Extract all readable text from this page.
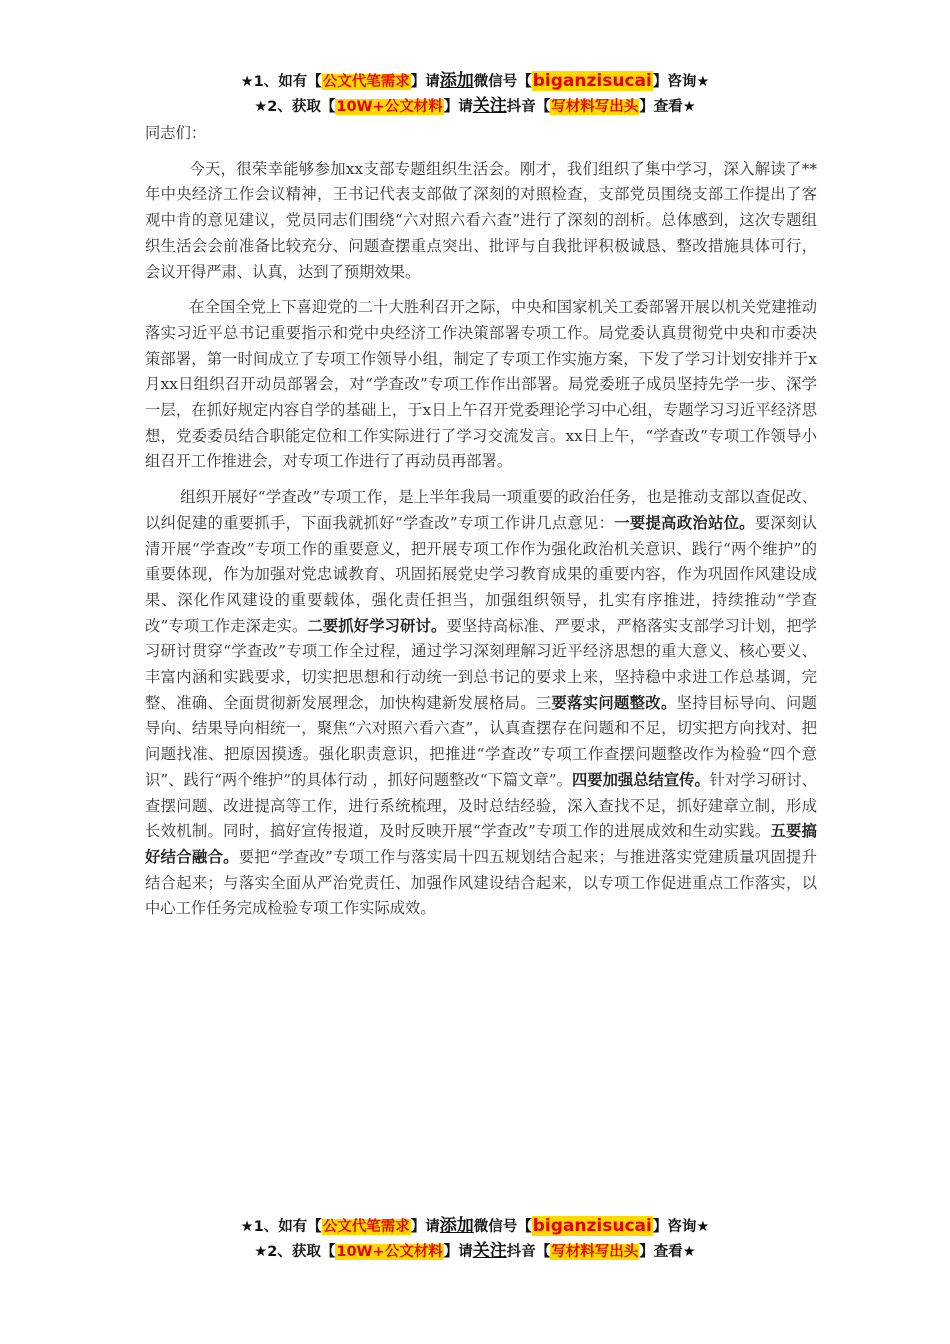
★1、如有【公文代笔需求】请添加微信号【biganzisucai】咨询★
★2、获取【10W+公文材料】请关注抖音【写材料写出头】查看★

同志们：

今天，很荣幸能够参加xx支部专题组织生活会。刚才，我们组织了集中学习，深入解读了**年中央经济工作会议精神，王书记代表支部做了深刻的对照检查，支部党员围绕支部工作提出了客观中肯的意见建议，党员同志们围绕“六对照六看六查”进行了深刻的剖析。总体感到，这次专题组织生活会会前准备比较充分、问题查摆重点突出、批评与自我批评积极诚恳、整改措施具体可行，会议开得严肃、认真，达到了预期效果。

在全国全党上下喜迎党的二十大胜利召开之际，中央和国家机关工委部署开展以机关党建推动落实习近平总书记重要指示和党中央经济工作决策部署专项工作。局党委认真贯彻党中央和市委决策部署，第一时间成立了专项工作领导小组，制定了专项工作实施方案，下发了学习计划安排并于x月xx日组织召开动员部署会，对“学查改”专项工作作出部署。局党委班子成员坚持先学一步、深学一层，在抓好规定内容自学的基础上，于x日上午召开党委理论学习中心组，专题学习习近平经济思想，党委委员结合职能定位和工作实际进行了学习交流发言。xx日上午，“学查改”专项工作领导小组召开工作推进会，对专项工作进行了再动员再部署。

组织开展好“学查改”专项工作，是上半年我局一项重要的政治任务，也是推动支部以查促改、以纠促建的重要抓手，下面我就抓好“学查改”专项工作讲几点意见：一要提高政治站位。要深刻认清开展“学查改”专项工作的重要意义，把开展专项工作作为强化政治机关意识、践行“两个维护”的重要体现，作为加强对党忠诚教育、巩固拓展党史学习教育成果的重要内容，作为巩固作风建设成果、深化作风建设的重要载体，强化责任担当，加强组织领导，扎实有序推进，持续推动“学查改”专项工作走深走实。二要抓好学习研讨。要坚持高标准、严要求，严格落实支部学习计划，把学习研讨贯穿“学查改”专项工作全过程，通过学习深刻理解习近平经济思想的重大意义、核心要义、丰富内涵和实践要求，切实把思想和行动统一到总书记的要求上来，坚持稳中求进工作总基调，完整、准确、全面贯彻新发展理念，加快构建新发展格局。三要落实问题整改。坚持目标导向、问题导向、结果导向相统一，聚焦“六对照六看六查”，认真查摆存在问题和不足，切实把方向找对、把问题找准、把原因摸透。强化职责意识，把推进“学查改”专项工作查摆问题整改作为检验“四个意识”、践行“两个维护”的具体行动 ，抓好问题整改“下篇文章”。四要加强总结宣传。针对学习研讨、查摆问题、改进提高等工作，进行系统梳理，及时总结经验，深入查找不足，抓好建章立制，形成长效机制。同时，搞好宣传报道，及时反映开展“学查改”专项工作的进展成效和生动实践。五要搞好结合融合。要把“学查改”专项工作与落实局十四五规划结合起来；与推进落实党建质量巩固提升结合起来；与落实全面从严治党责任、加强作风建设结合起来，以专项工作促进重点工作落实，以中心工作任务完成检验专项工作实际成效。

★1、如有【公文代笔需求】请添加微信号【biganzisucai】咨询★
★2、获取【10W+公文材料】请关注抖音【写材料写出头】查看★
